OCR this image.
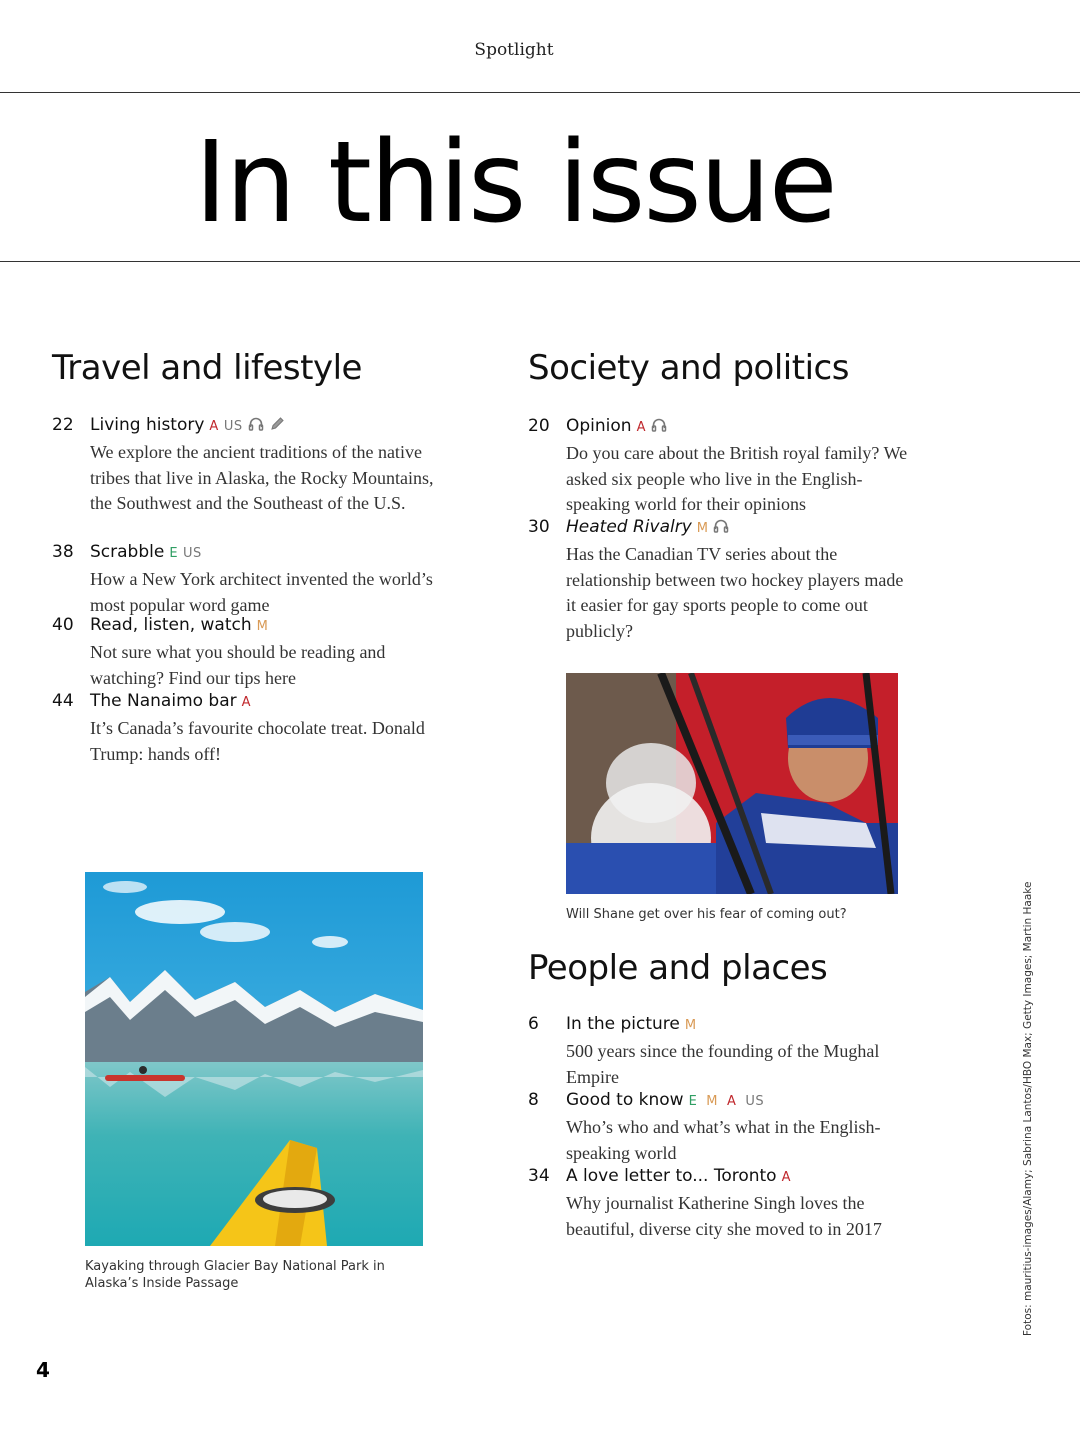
Spotlight
In this issue
Travel and lifestyle
22 Living history A US
We explore the ancient traditions of the native tribes that live in Alaska, the Rocky Mountains, the Southwest and the Southeast of the U.S.
38 Scrabble E US
How a New York architect invented the world’s most popular word game
40 Read, listen, watch M
Not sure what you should be reading and watching? Find our tips here
44 The Nanaimo bar A
It’s Canada’s favourite chocolate treat. Donald Trump: hands off!
Kayaking through Glacier Bay National Park in Alaska’s Inside Passage
Society and politics
20 Opinion A
Do you care about the British royal family? We asked six people who live in the English-speaking world for their opinions
30 Heated Rivalry M
Has the Canadian TV series about the relationship between two hockey players made it easier for gay sports people to come out publicly?
Will Shane get over his fear of coming out?
People and places
6 In the picture M
500 years since the founding of the Mughal Empire
8 Good to know E M A US
Who’s who and what’s what in the English-speaking world
34 A love letter to... Toronto A
Why journalist Katherine Singh loves the beautiful, diverse city she moved to in 2017	Fotos: mauritius-images/Alamy; Sabrina Lantos/HBO Max; Getty Images; Martin Haake
4
